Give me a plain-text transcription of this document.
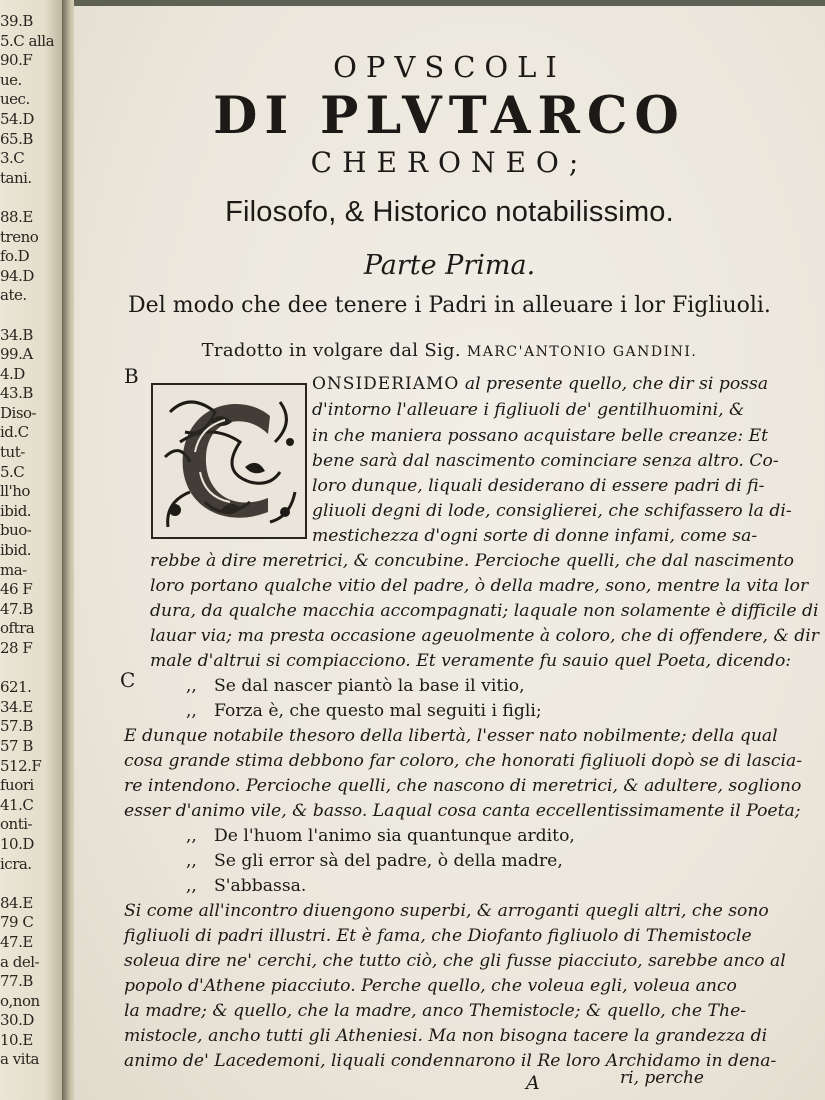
39.B
5.C alla
90.F
ue.
uec.
54.D
65.B
3.C
tani.
88.E
treno
fo.D
94.D
ate.
34.B
99.A
4.D
43.B
Diso-
id.C
tut-
5.C
ll'ho
ibid.
buo-
ibid.
ma-
46 F
47.B
oftra
28 F
621.
34.E
57.B
57 B
512.F
fuori
41.C
onti-
10.D
icra.
84.E
79 C
47.E
a del-
77.B
o,non
30.D
10.E
a vita
OPVSCOLI
DI PLVTARCO
CHERONEO;
Filosofo, & Historico notabilissimo.
Parte Prima.
Del modo che dee tenere i Padri in alleuare i lor Figliuoli.
Tradotto in volgare dal Sig. MARC'ANTONIO GANDINI.
B
C
ONSIDERIAMO al presente quello, che dir si possa
d'intorno l'alleuare i figliuoli de' gentilhuomini, &
in che maniera possano acquistare belle creanze: Et
bene sarà dal nascimento cominciare senza altro. Co-
loro dunque, liquali desiderano di essere padri di fi-
gliuoli degni di lode, consiglierei, che schifassero la di-
mestichezza d'ogni sorte di donne infami, come sa-
rebbe à dire meretrici, & concubine. Percioche quelli, che dal nascimento
loro portano qualche vitio del padre, ò della madre, sono, mentre la vita lor
dura, da qualche macchia accompagnati; laquale non solamente è difficile di
lauar via; ma presta occasione ageuolmente à coloro, che di offendere, & dir
male d'altrui si compiacciono. Et veramente fu sauio quel Poeta, dicendo:
,, Se dal nascer piantò la base il vitio,
,, Forza è, che questo mal seguiti i figli;
E dunque notabile thesoro della libertà, l'esser nato nobilmente; della qual
cosa grande stima debbono far coloro, che honorati figliuoli dopò se di lascia-
re intendono. Percioche quelli, che nascono di meretrici, & adultere, sogliono
esser d'animo vile, & basso. Laqual cosa canta eccellentissimamente il Poeta;
,, De l'huom l'animo sia quantunque ardito,
,, Se gli error sà del padre, ò della madre,
,, S'abbassa.
Si come all'incontro diuengono superbi, & arroganti quegli altri, che sono
figliuoli di padri illustri. Et è fama, che Diofanto figliuolo di Themistocle
soleua dire ne' cerchi, che tutto ciò, che gli fusse piacciuto, sarebbe anco al
popolo d'Athene piacciuto. Perche quello, che voleua egli, voleua anco
la madre; & quello, che la madre, anco Themistocle; & quello, che The-
mistocle, ancho tutti gli Atheniesi. Ma non bisogna tacere la grandezza di
animo de' Lacedemoni, liquali condennarono il Re loro Archidamo in dena-
A	ri, perche
